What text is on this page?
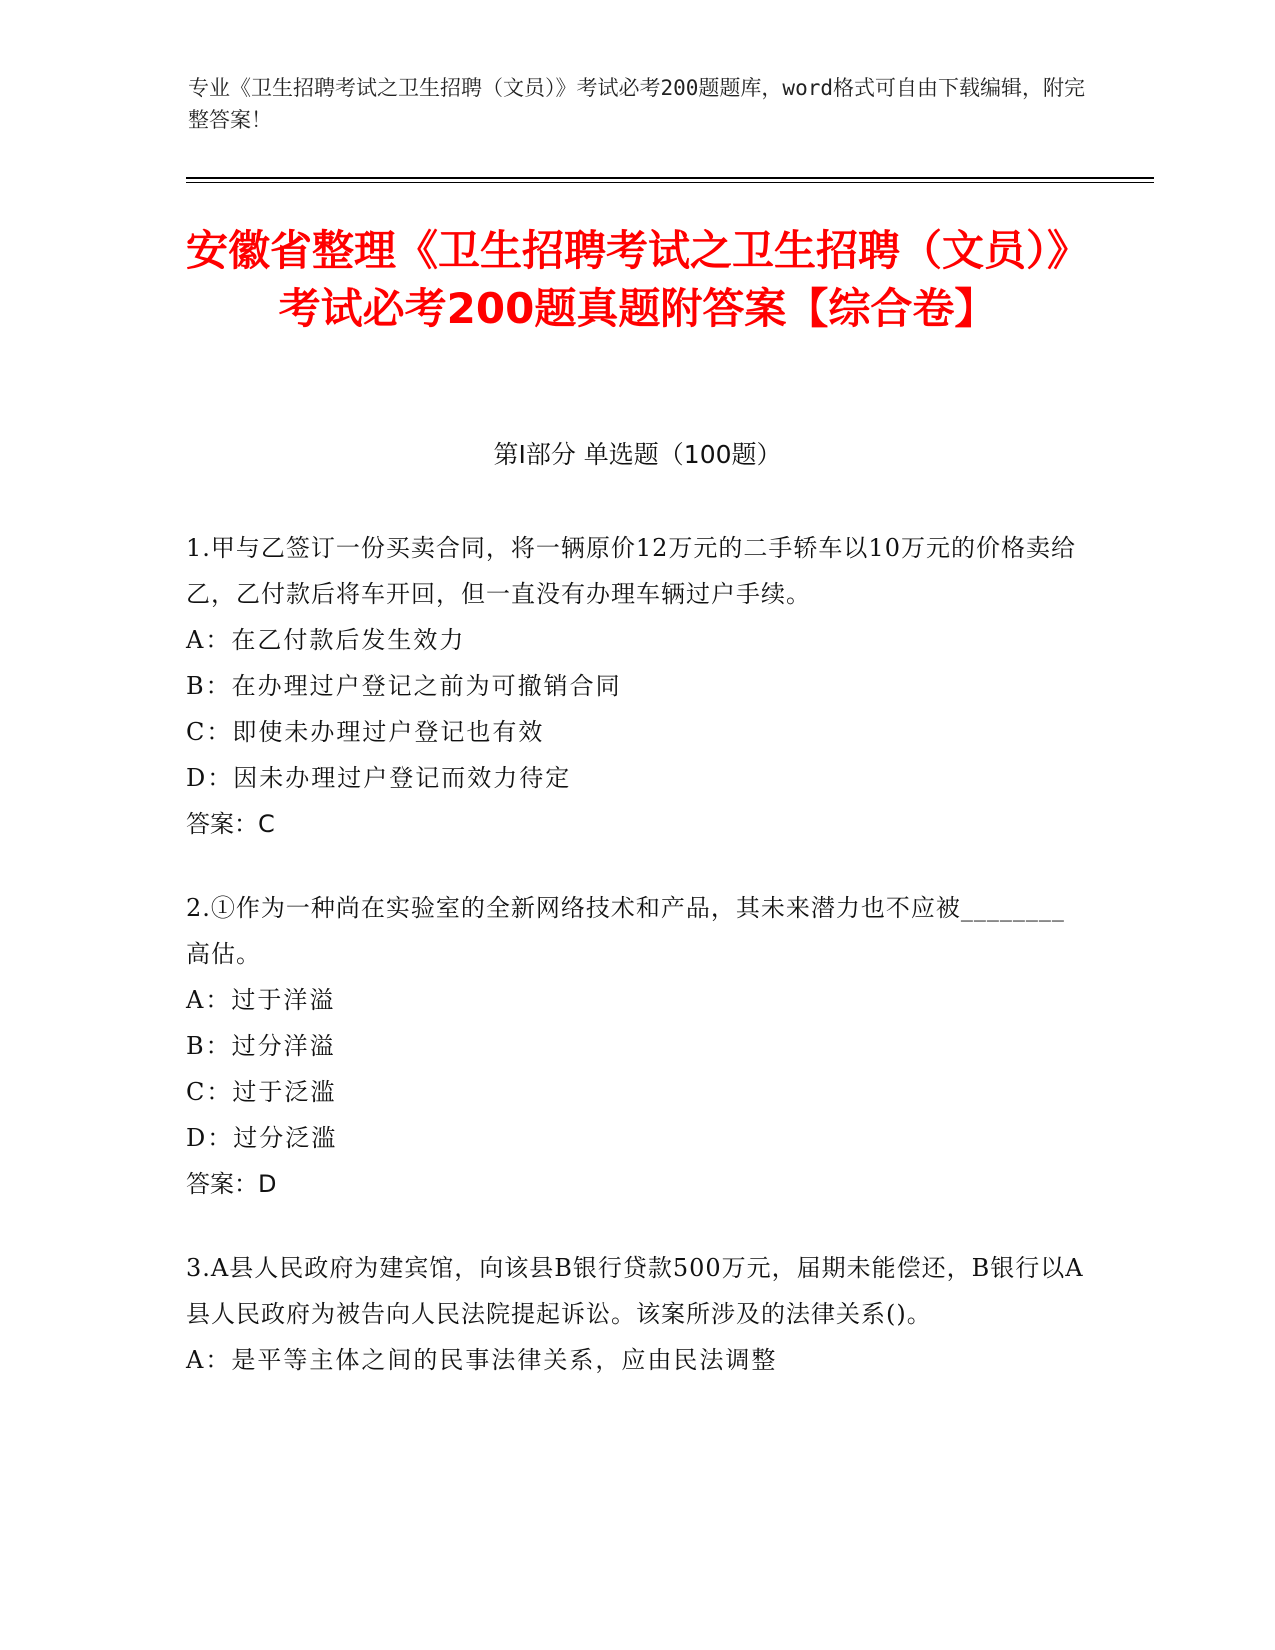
专业《卫生招聘考试之卫生招聘（文员）》考试必考200题题库，word格式可自由下载编辑，附完整答案！
安徽省整理《卫生招聘考试之卫生招聘（文员）》考试必考200题真题附答案【综合卷】
第I部分 单选题（100题）

1.甲与乙签订一份买卖合同，将一辆原价12万元的二手轿车以10万元的价格卖给乙，乙付款后将车开回，但一直没有办理车辆过户手续。

A：在乙付款后发生效力

B：在办理过户登记之前为可撤销合同

C：即使未办理过户登记也有效

D：因未办理过户登记而效力待定

答案：C

2.①作为一种尚在实验室的全新网络技术和产品，其未来潜力也不应被________高估。

A：过于洋溢

B：过分洋溢

C：过于泛滥

D：过分泛滥

答案：D

3.A县人民政府为建宾馆，向该县B银行贷款500万元，届期未能偿还，B银行以A县人民政府为被告向人民法院提起诉讼。该案所涉及的法律关系()。

A：是平等主体之间的民事法律关系，应由民法调整
